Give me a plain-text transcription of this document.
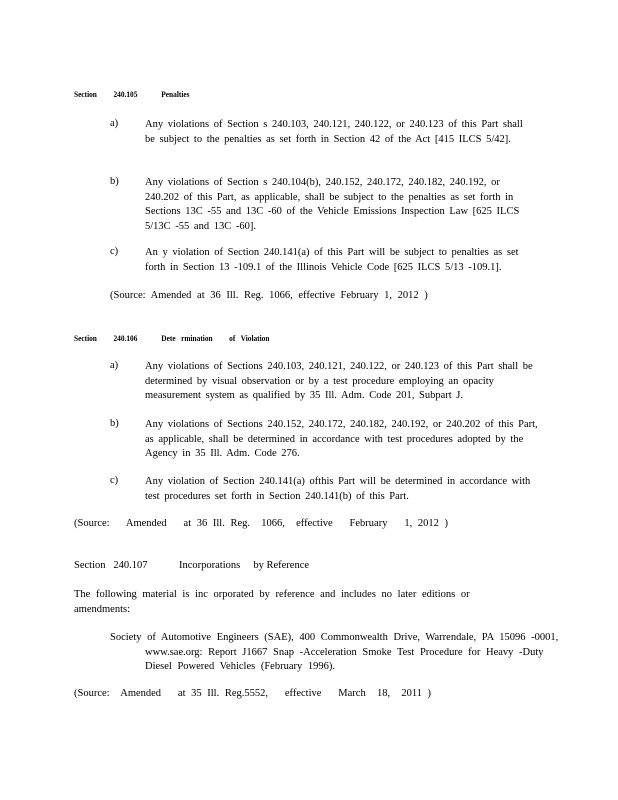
Section 240.105	Penalties
a)	Any violations of Section s 240.103, 240.121, 240.122, or 240.123 of this Part shall be subject to the penalties as set forth in Section 42 of the Act [415 ILCS 5/42].
b)	Any violations of Section s 240.104(b), 240.152, 240.172, 240.182, 240.192, or 240.202 of this Part, as applicable, shall be subject to the penalties as set forth in Sections 13C -55 and 13C -60 of the Vehicle Emissions Inspection Law [625 ILCS 5/13C -55 and 13C -60].
c)	An y violation of Section 240.141(a) of this Part will be subject to penalties as set forth in Section 13 -109.1 of the Illinois Vehicle Code [625 ILCS 5/13 -109.1].
(Source: Amended at 36 Ill. Reg. 1066, effective February 1, 2012 )
Section 240.106	Dete   rmination         of   Violation
a)	Any violations of Sections 240.103, 240.121, 240.122, or 240.123 of this Part shall be determined by visual observation or by a test procedure employing an opacity measurement system as qualified by 35 Ill. Adm. Code 201, Subpart J.
b)	Any violations of Sections 240.152, 240.172, 240.182, 240.192, or 240.202 of this Part, as applicable, shall be determined in accordance with test procedures adopted by the Agency in 35 Ill. Adm. Code 276.
c)	Any violation of Section 240.141(a) ofthis Part will be determined in accordance with test procedures set forth in Section 240.141(b) of this Part.
(Source:   Amended   at 36 Ill. Reg.  1066,  effective   February   1, 2012 )
Section   240.107            Incorporations     by Reference
The following material is inc orporated by reference and includes no later editions or amendments:
Society of Automotive Engineers (SAE), 400 Commonwealth Drive, Warrendale, PA 15096 -0001, www.sae.org: Report J1667 Snap -Acceleration Smoke Test Procedure for Heavy -Duty Diesel Powered Vehicles (February 1996).
(Source:  Amended   at 35 Ill. Reg.5552,   effective   March  18,  2011 )
